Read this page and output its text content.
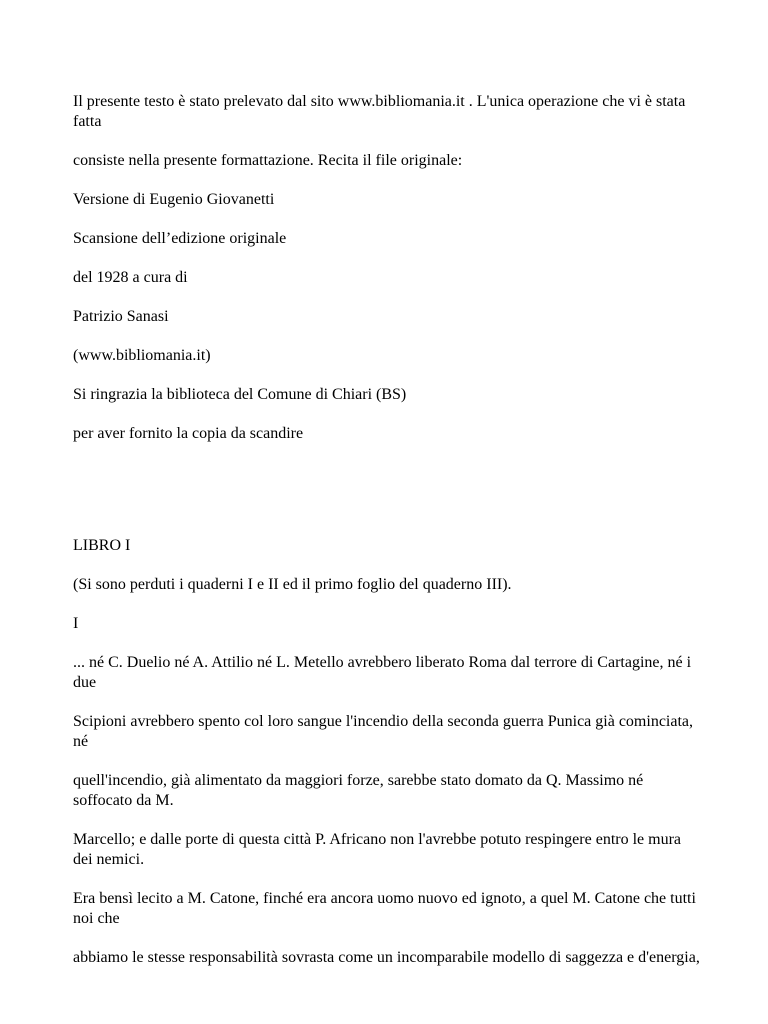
Il presente testo è stato prelevato dal sito www.bibliomania.it . L'unica operazione che vi è stata fatta

consiste nella presente formattazione. Recita il file originale:

Versione di Eugenio Giovanetti

Scansione dell’edizione originale

del 1928 a cura di

Patrizio Sanasi

(www.bibliomania.it)

Si ringrazia la biblioteca del Comune di Chiari (BS)

per aver fornito la copia da scandire

LIBRO I

(Si sono perduti i quaderni I e II ed il primo foglio del quaderno III).

I

... né C. Duelio né A. Attilio né L. Metello avrebbero liberato Roma dal terrore di Cartagine, né i due

Scipioni avrebbero spento col loro sangue l'incendio della seconda guerra Punica già cominciata, né

quell'incendio, già alimentato da maggiori forze, sarebbe stato domato da Q. Massimo né soffocato da M.

Marcello; e dalle porte di questa città P. Africano non l'avrebbe potuto respingere entro le mura dei nemici.

Era bensì lecito a M. Catone, finché era ancora uomo nuovo ed ignoto, a quel M. Catone che tutti noi che

abbiamo le stesse responsabilità sovrasta come un incomparabile modello di saggezza e d'energia,
